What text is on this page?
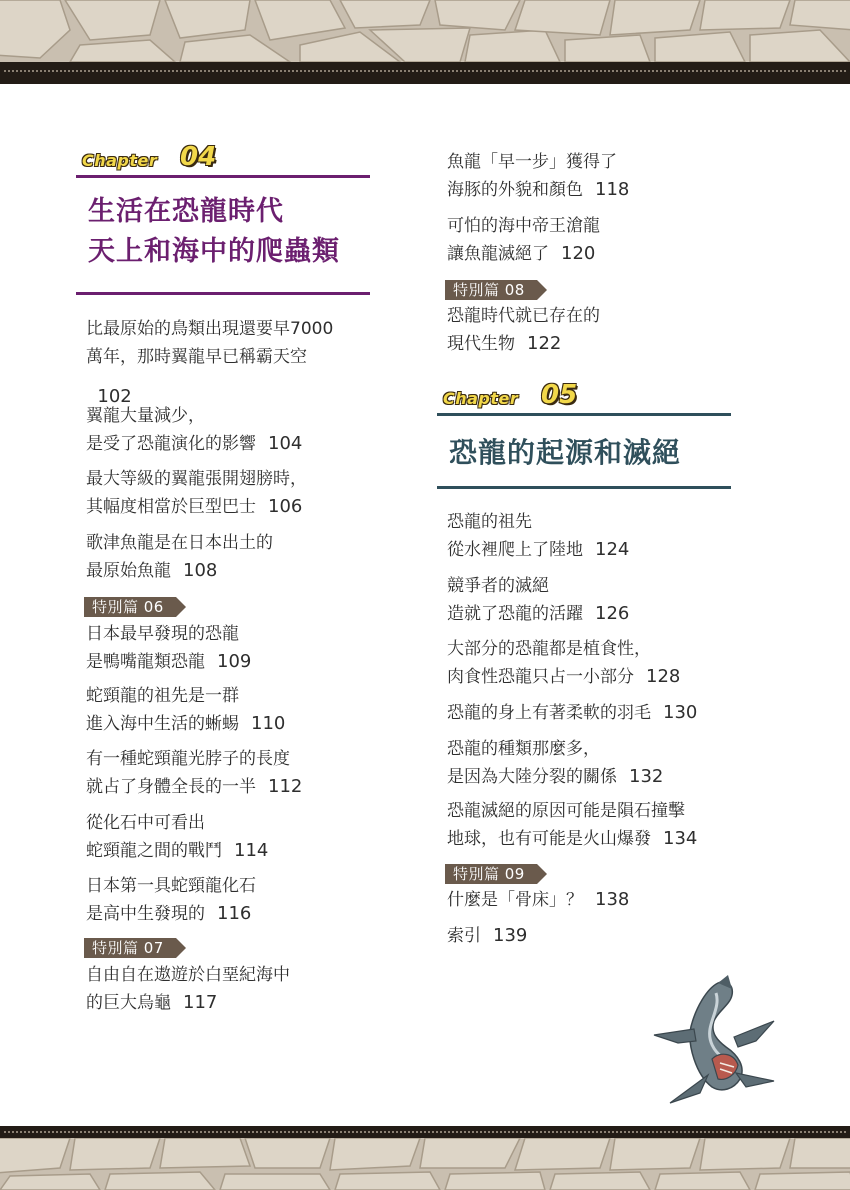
Chapter 04
生活在恐龍時代
天上和海中的爬蟲類
比最原始的鳥類出現還要早7000
萬年，那時翼龍早已稱霸天空
102
翼龍大量減少，
是受了恐龍演化的影響 104
最大等級的翼龍張開翅膀時，
其幅度相當於巨型巴士 106
歌津魚龍是在日本出土的
最原始魚龍 108
特別篇 06
日本最早發現的恐龍
是鴨嘴龍類恐龍 109
蛇頸龍的祖先是一群
進入海中生活的蜥蜴 110
有一種蛇頸龍光脖子的長度
就占了身體全長的一半 112
從化石中可看出
蛇頸龍之間的戰鬥 114
日本第一具蛇頸龍化石
是高中生發現的 116
特別篇 07
自由自在遨遊於白堊紀海中
的巨大烏龜 117
魚龍「早一步」獲得了
海豚的外貌和顏色 118
可怕的海中帝王滄龍
讓魚龍滅絕了 120
特別篇 08
恐龍時代就已存在的
現代生物 122
Chapter 05
恐龍的起源和滅絕
恐龍的祖先
從水裡爬上了陸地 124
競爭者的滅絕
造就了恐龍的活躍 126
大部分的恐龍都是植食性，
肉食性恐龍只占一小部分 128
恐龍的身上有著柔軟的羽毛 130
恐龍的種類那麼多，
是因為大陸分裂的關係 132
恐龍滅絕的原因可能是隕石撞擊
地球，也有可能是火山爆發 134
特別篇 09
什麼是「骨床」？ 138
索引 139
